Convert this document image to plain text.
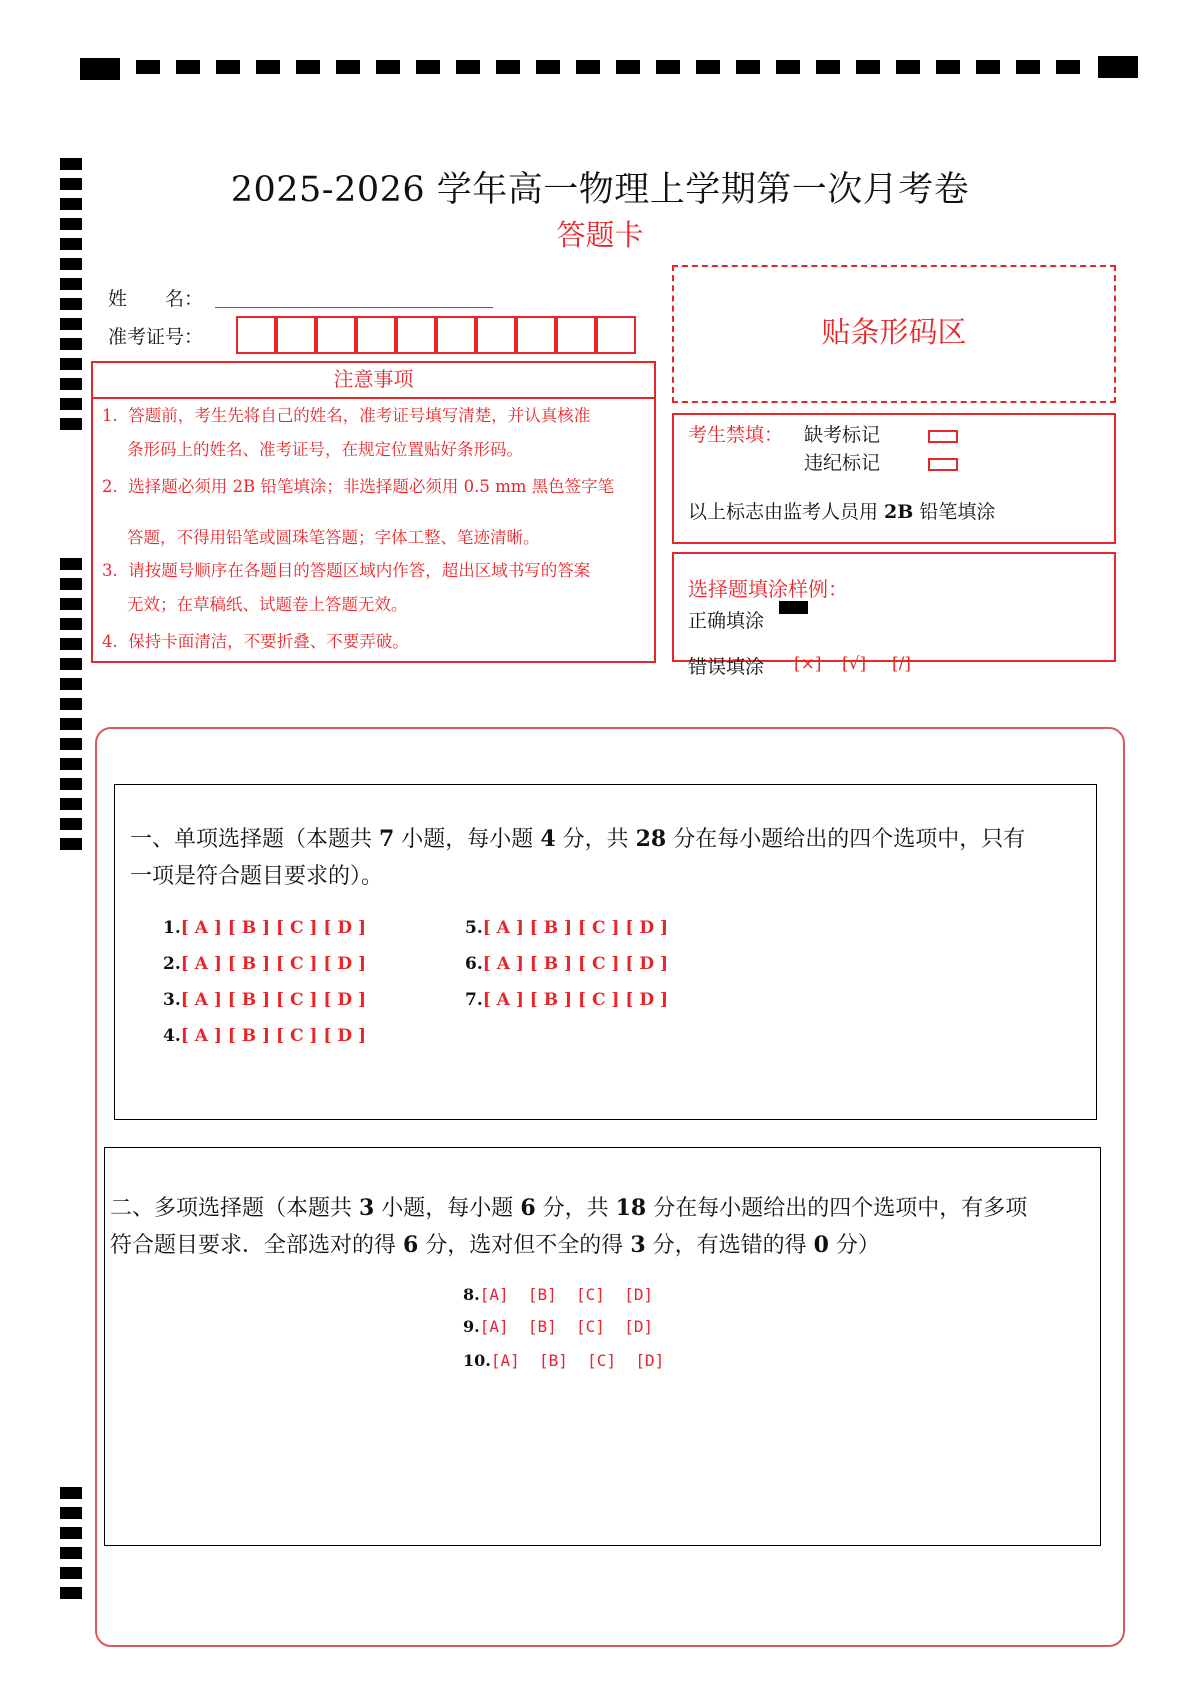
2025-2026 学年高一物理上学期第一次月考卷
答题卡
姓　　名：
准考证号：
注意事项
1. 答题前，考生先将自己的姓名，准考证号填写清楚，并认真核准
条形码上的姓名、准考证号，在规定位置贴好条形码。
2. 选择题必须用 2B 铅笔填涂；非选择题必须用 0.5 mm 黑色签字笔
答题，不得用铅笔或圆珠笔答题；字体工整、笔迹清晰。
3. 请按题号顺序在各题目的答题区域内作答，超出区域书写的答案
无效；在草稿纸、试题卷上答题无效。
4. 保持卡面清洁，不要折叠、不要弄破。
贴条形码区
考生禁填： 缺考标记
违纪标记
以上标志由监考人员用 2B 铅笔填涂
选择题填涂样例：
正确填涂
错误填涂 [×] [√] [/]
一、单项选择题（本题共 7 小题，每小题 4 分，共 28 分在每小题给出的四个选项中，只有
一项是符合题目要求的）。
1.[ A ] [ B ] [ C ] [ D ]
2.[ A ] [ B ] [ C ] [ D ]
3.[ A ] [ B ] [ C ] [ D ]
4.[ A ] [ B ] [ C ] [ D ]
5.[ A ] [ B ] [ C ] [ D ]
6.[ A ] [ B ] [ C ] [ D ]
7.[ A ] [ B ] [ C ] [ D ]
二、多项选择题（本题共 3 小题，每小题 6 分，共 18 分在每小题给出的四个选项中，有多项
符合题目要求．全部选对的得 6 分，选对但不全的得 3 分，有选错的得 0 分）
8.[A]  [B]  [C]  [D]
9.[A]  [B]  [C]  [D]
10.[A]  [B]  [C]  [D]
